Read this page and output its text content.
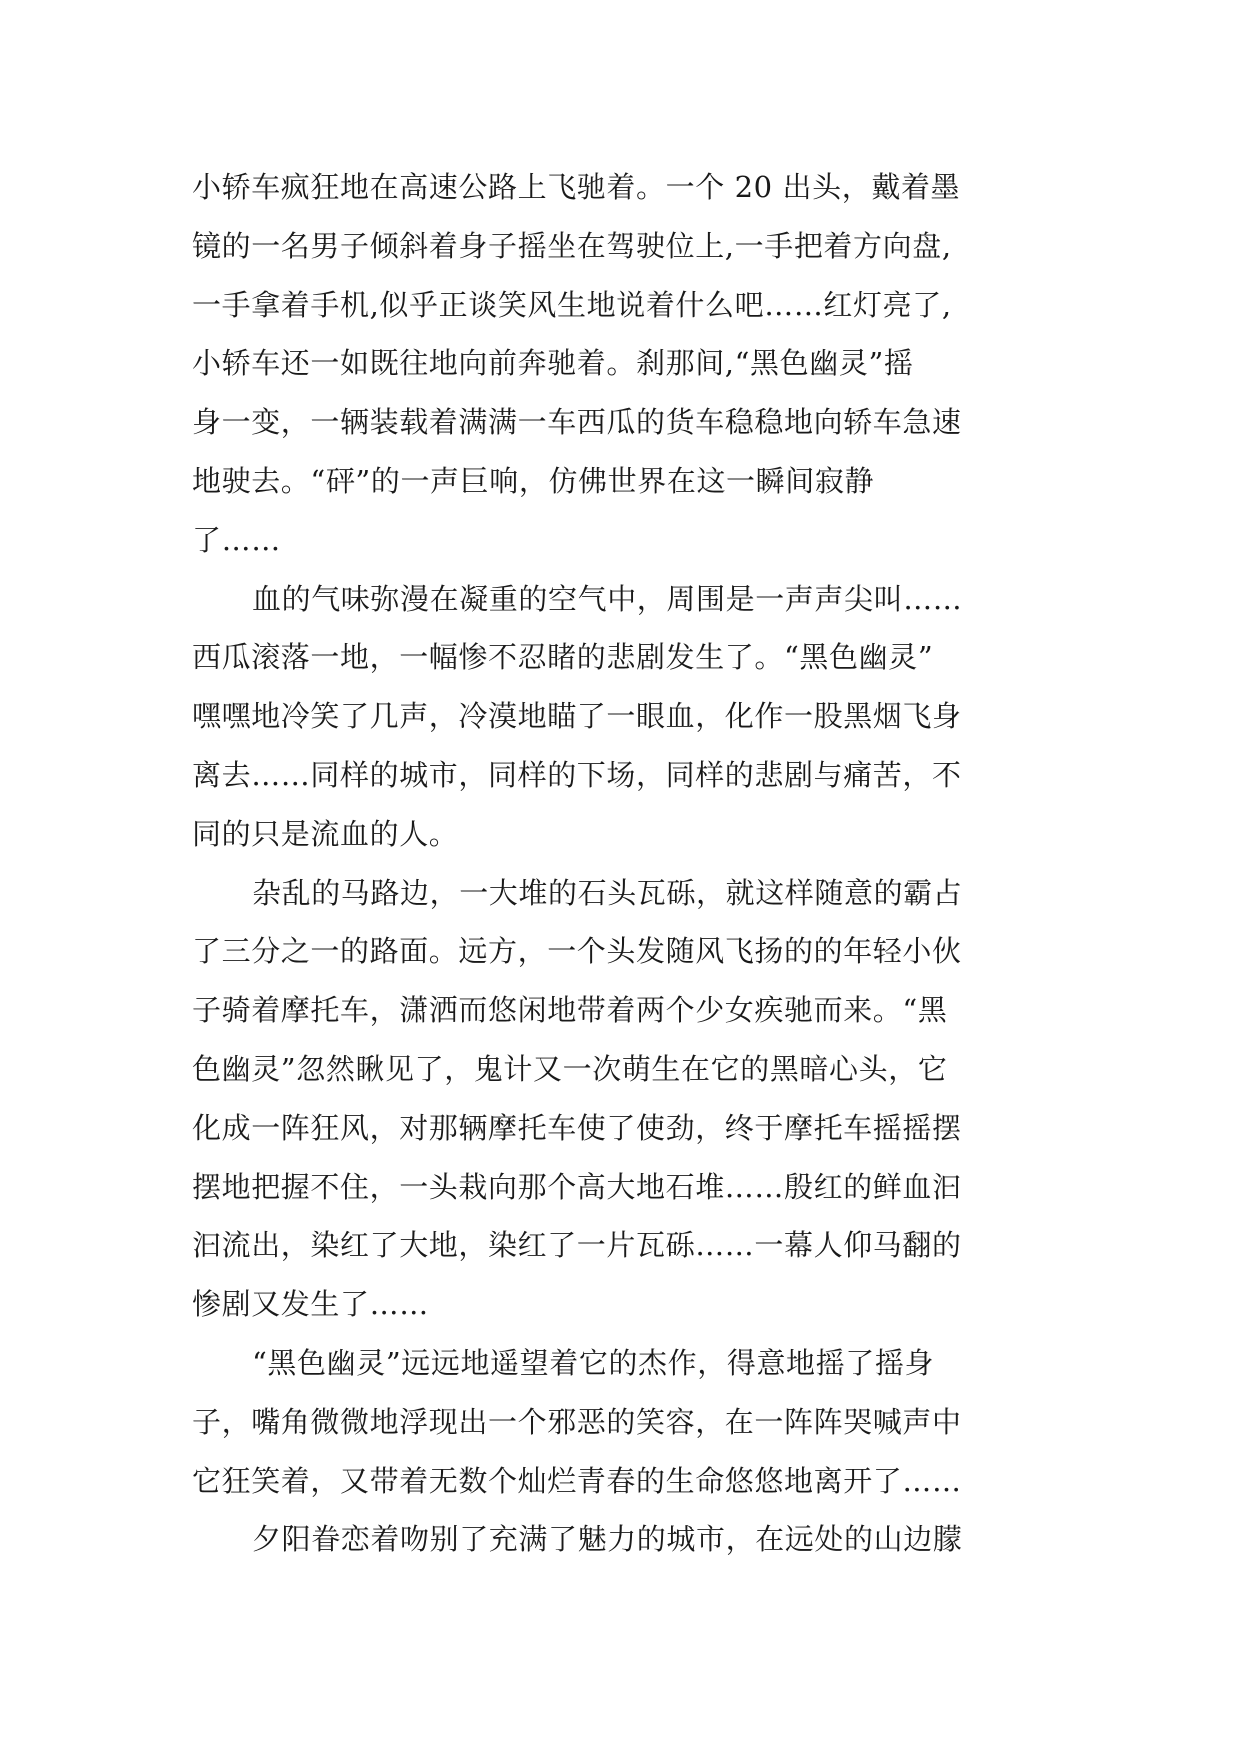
小轿车疯狂地在高速公路上飞驰着。一个 20 出头，戴着墨
镜的一名男子倾斜着身子摇坐在驾驶位上,一手把着方向盘,
一手拿着手机,似乎正谈笑风生地说着什么吧……红灯亮了,
小轿车还一如既往地向前奔驰着。刹那间,“黑色幽灵”摇
身一变，一辆装载着满满一车西瓜的货车稳稳地向轿车急速
地驶去。“砰”的一声巨响，仿佛世界在这一瞬间寂静
了……
血的气味弥漫在凝重的空气中，周围是一声声尖叫……
西瓜滚落一地，一幅惨不忍睹的悲剧发生了。“黑色幽灵”
嘿嘿地冷笑了几声，冷漠地瞄了一眼血，化作一股黑烟飞身
离去……同样的城市，同样的下场，同样的悲剧与痛苦，不
同的只是流血的人。
杂乱的马路边，一大堆的石头瓦砾，就这样随意的霸占
了三分之一的路面。远方，一个头发随风飞扬的的年轻小伙
子骑着摩托车，潇洒而悠闲地带着两个少女疾驰而来。“黑
色幽灵”忽然瞅见了，鬼计又一次萌生在它的黑暗心头，它
化成一阵狂风，对那辆摩托车使了使劲，终于摩托车摇摇摆
摆地把握不住，一头栽向那个高大地石堆……殷红的鲜血汩
汩流出，染红了大地，染红了一片瓦砾……一幕人仰马翻的
惨剧又发生了……
“黑色幽灵”远远地遥望着它的杰作，得意地摇了摇身
子，嘴角微微地浮现出一个邪恶的笑容，在一阵阵哭喊声中
它狂笑着，又带着无数个灿烂青春的生命悠悠地离开了……
夕阳眷恋着吻别了充满了魅力的城市，在远处的山边朦
